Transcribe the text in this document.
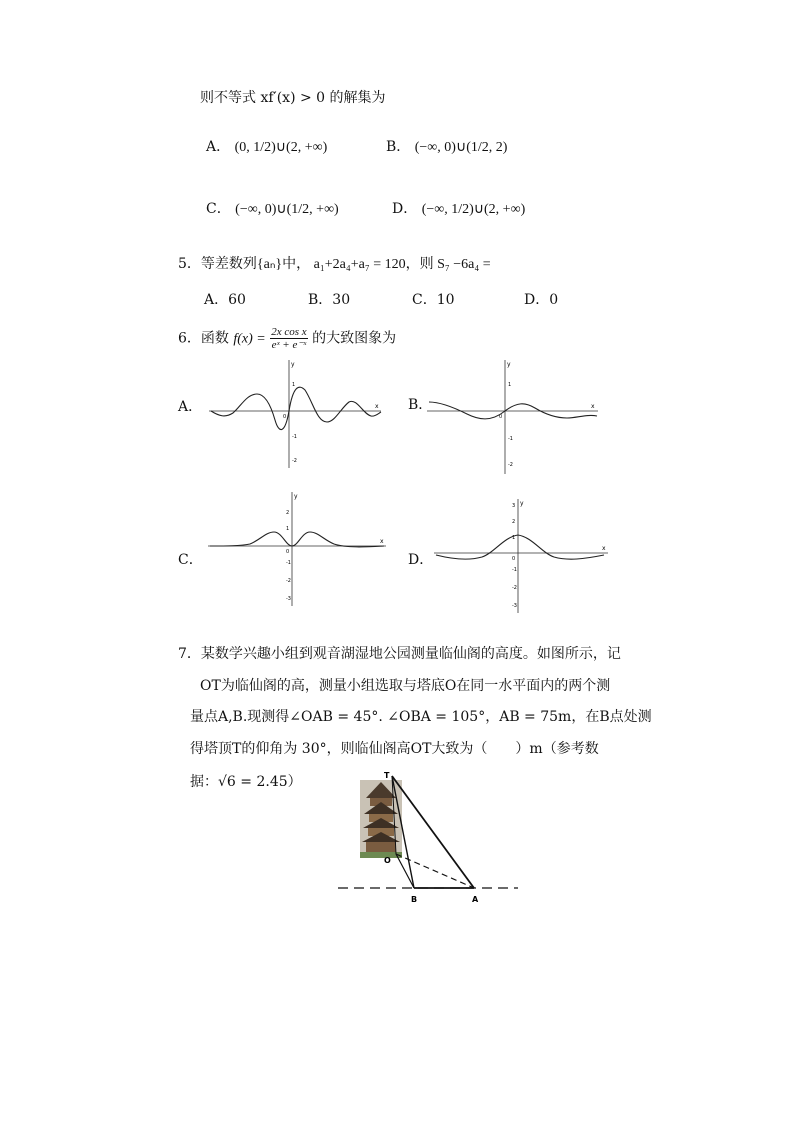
则不等式 xf′(x) > 0 的解集为
A． (0, 1/2)∪(2, +∞)	B． (−∞, 0)∪(1/2, 2)
C． (−∞, 0)∪(1/2, +∞)	D． (−∞, 1/2)∪(2, +∞)
5．等差数列{aₙ}中， a₁+2a₄+a₇ = 120，则 S₇ −6a₄ =
A．60	B．30	C．10	D．0
6．函数 $f(x) = \frac{\text{2x cos x}}{\text{eˣ + e⁻ˣ}}$ 的大致图象为
A．	B．
C．	D．
x
y
0
1
-1
-2
x
y
0
1
-1
-2
x
y
0
2
1
-1
-2
-3
x
y
0
3
2
1
-1
-2
-3
7．某数学兴趣小组到观音湖湿地公园测量临仙阁的高度。如图所示，记
OT为临仙阁的高，测量小组选取与塔底O在同一水平面内的两个测
量点A,B.现测得∠OAB = 45°. ∠OBA = 105°，AB = 75m，在B点处测
得塔顶T的仰角为 30°，则临仙阁高OT大致为（　　）m（参考数
据：√6 = 2.45）	T
O
B	A
